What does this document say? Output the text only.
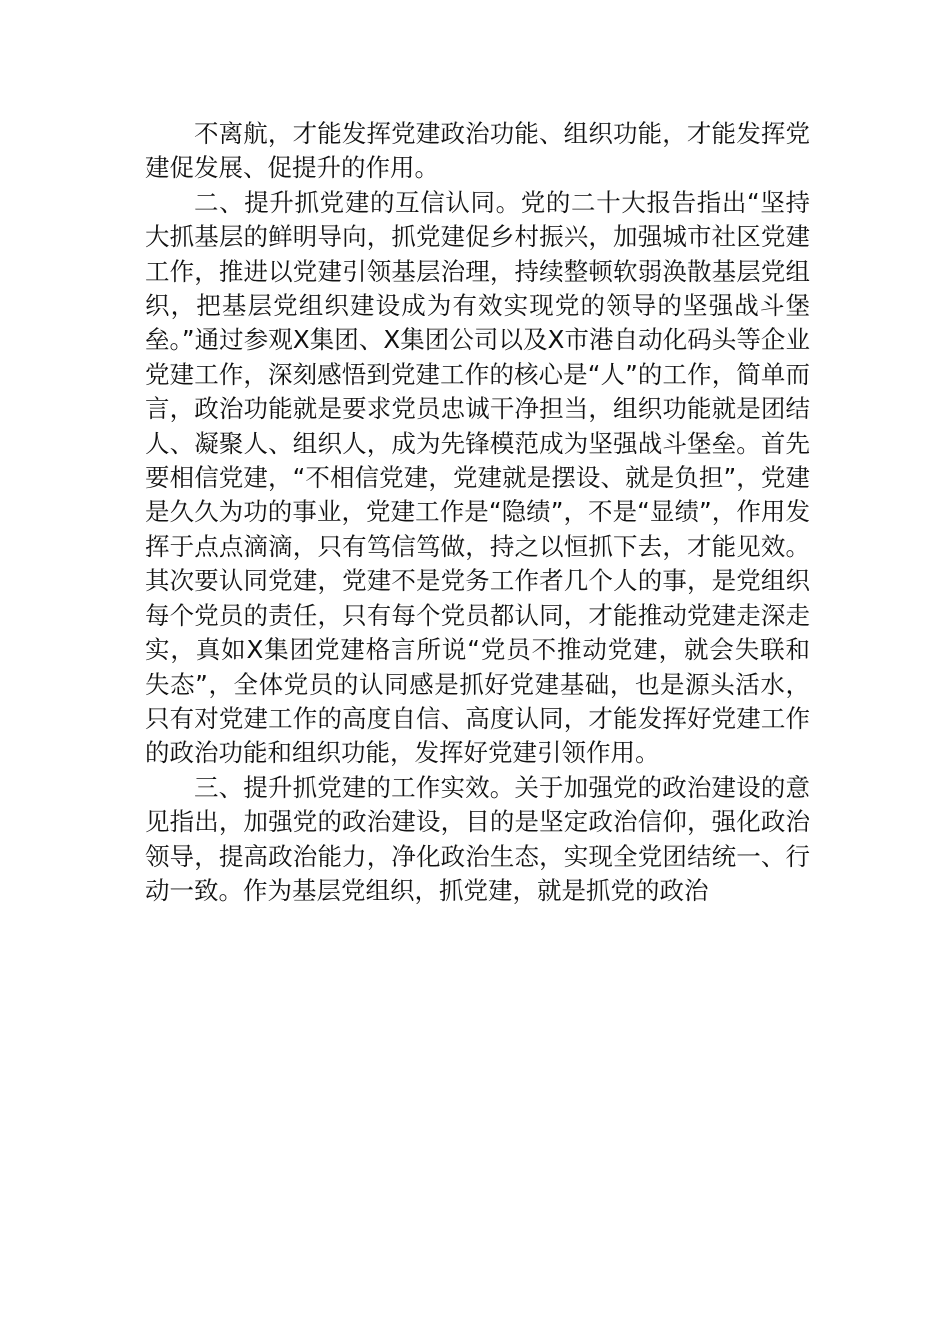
不离航，才能发挥党建政治功能、组织功能，才能发挥党建促发展、促提升的作用。

二、提升抓党建的互信认同。党的二十大报告指出“坚持大抓基层的鲜明导向，抓党建促乡村振兴，加强城市社区党建工作，推进以党建引领基层治理，持续整顿软弱涣散基层党组织，把基层党组织建设成为有效实现党的领导的坚强战斗堡垒。”通过参观X集团、X集团公司以及X市港自动化码头等企业党建工作，深刻感悟到党建工作的核心是“人”的工作，简单而言，政治功能就是要求党员忠诚干净担当，组织功能就是团结人、凝聚人、组织人，成为先锋模范成为坚强战斗堡垒。首先要相信党建，“不相信党建，党建就是摆设、就是负担”，党建是久久为功的事业，党建工作是“隐绩”，不是“显绩”，作用发挥于点点滴滴，只有笃信笃做，持之以恒抓下去，才能见效。其次要认同党建，党建不是党务工作者几个人的事，是党组织每个党员的责任，只有每个党员都认同，才能推动党建走深走实，真如X集团党建格言所说“党员不推动党建，就会失联和失态”，全体党员的认同感是抓好党建基础，也是源头活水，只有对党建工作的高度自信、高度认同，才能发挥好党建工作的政治功能和组织功能，发挥好党建引领作用。

三、提升抓党建的工作实效。关于加强党的政治建设的意见指出，加强党的政治建设，目的是坚定政治信仰，强化政治领导，提高政治能力，净化政治生态，实现全党团结统一、行动一致。作为基层党组织，抓党建，就是抓党的政治
